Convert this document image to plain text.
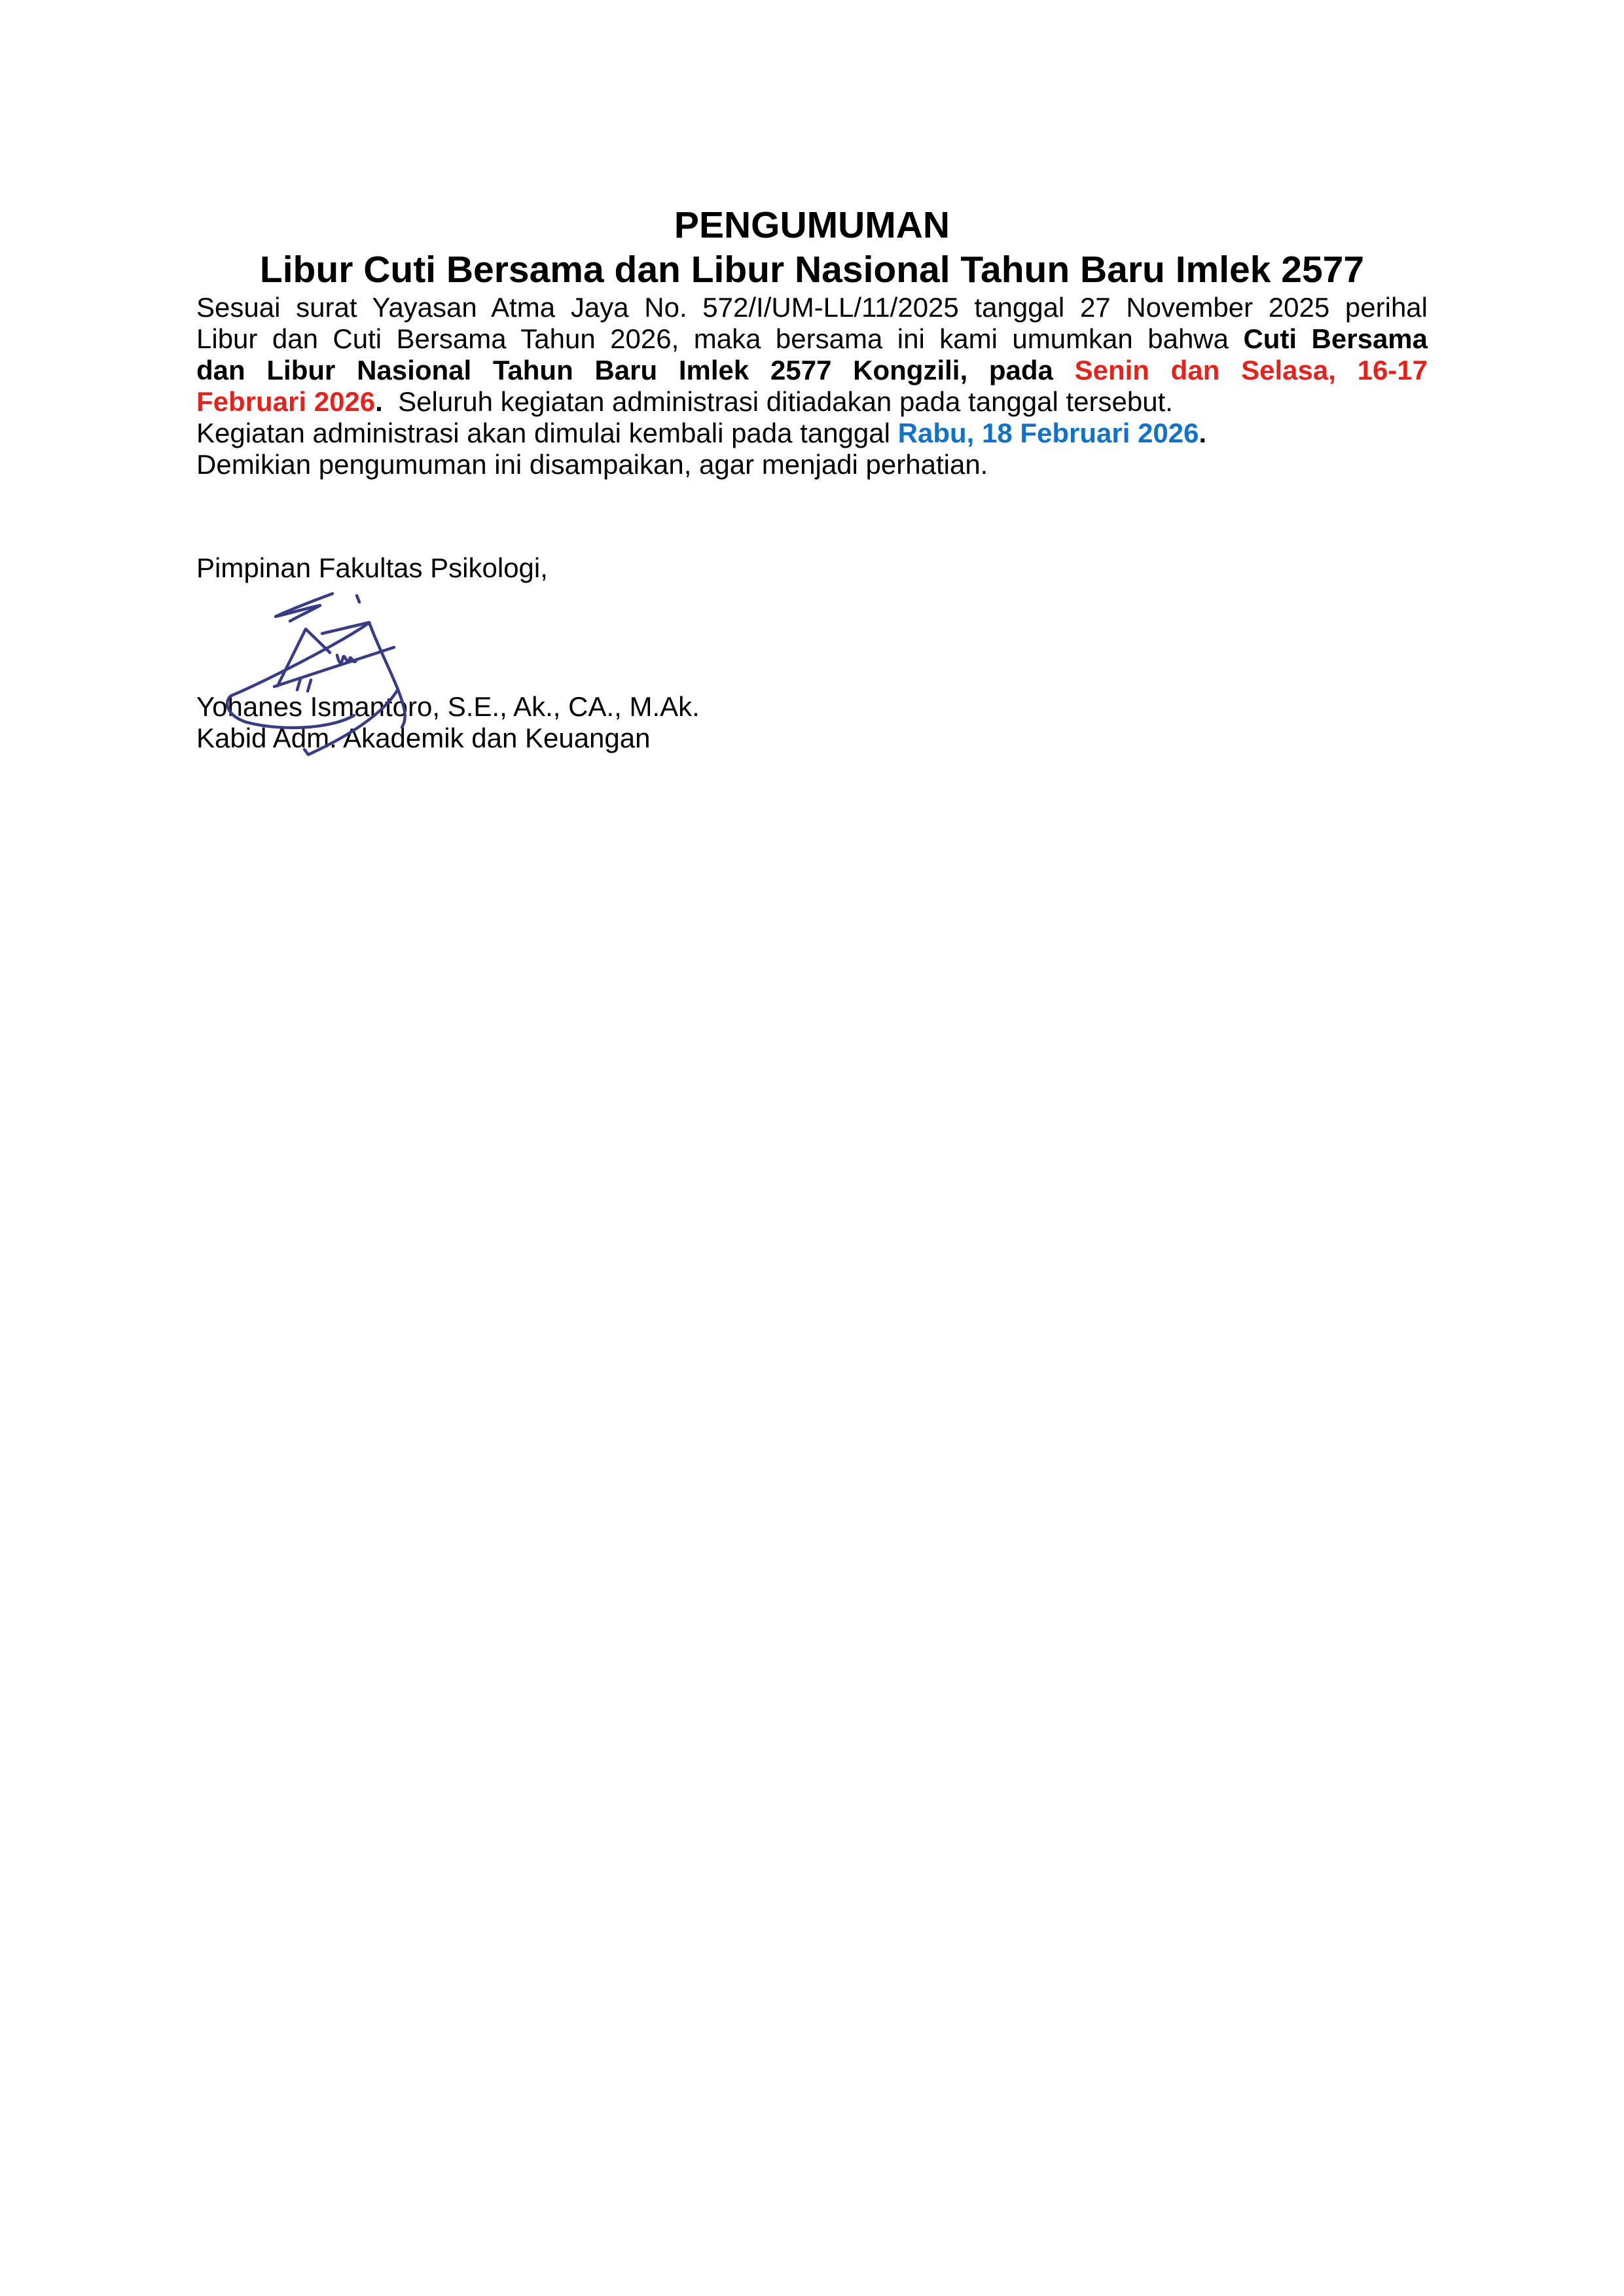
PENGUMUMAN
Libur Cuti Bersama dan Libur Nasional Tahun Baru Imlek 2577

Sesuai surat Yayasan Atma Jaya No. 572/I/UM-LL/11/2025 tanggal 27 November 2025 perihal
Libur dan Cuti Bersama Tahun 2026, maka bersama ini kami umumkan bahwa Cuti Bersama
dan Libur Nasional Tahun Baru Imlek 2577 Kongzili, pada Senin dan Selasa, 16-17
Februari 2026.  Seluruh kegiatan administrasi ditiadakan pada tanggal tersebut.

Kegiatan administrasi akan dimulai kembali pada tanggal Rabu, 18 Februari 2026.

Demikian pengumuman ini disampaikan, agar menjadi perhatian.

Pimpinan Fakultas Psikologi,

Yohanes Ismantoro, S.E., Ak., CA., M.Ak.

Kabid Adm. Akademik dan Keuangan
